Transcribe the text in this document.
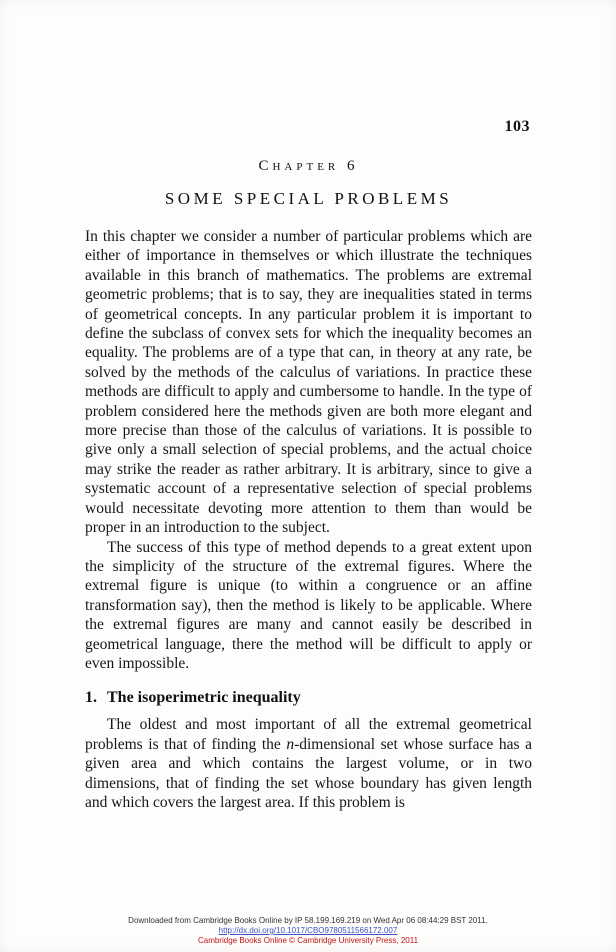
103
Chapter 6
SOME SPECIAL PROBLEMS

In this chapter we consider a number of particular problems which are either of importance in themselves or which illustrate the techniques available in this branch of mathematics. The problems are extremal geometric problems; that is to say, they are inequalities stated in terms of geometrical concepts. In any particular problem it is important to define the subclass of convex sets for which the inequality becomes an equality. The problems are of a type that can, in theory at any rate, be solved by the methods of the calculus of variations. In practice these methods are difficult to apply and cumbersome to handle. In the type of problem considered here the methods given are both more elegant and more precise than those of the calculus of variations. It is possible to give only a small selection of special problems, and the actual choice may strike the reader as rather arbitrary. It is arbitrary, since to give a systematic account of a representative selection of special problems would necessitate devoting more attention to them than would be proper in an introduction to the subject.

The success of this type of method depends to a great extent upon the simplicity of the structure of the extremal figures. Where the extremal figure is unique (to within a congruence or an affine transformation say), then the method is likely to be applicable. Where the extremal figures are many and cannot easily be described in geometrical language, there the method will be difficult to apply or even impossible.

1. The isoperimetric inequality

The oldest and most important of all the extremal geometrical problems is that of finding the n-dimensional set whose surface has a given area and which contains the largest volume, or in two dimensions, that of finding the set whose boundary has given length and which covers the largest area. If this problem is

Downloaded from Cambridge Books Online by IP 58.199.169.219 on Wed Apr 06 08:44:29 BST 2011.
http://dx.doi.org/10.1017/CBO9780511566172.007
Cambridge Books Online © Cambridge University Press, 2011
